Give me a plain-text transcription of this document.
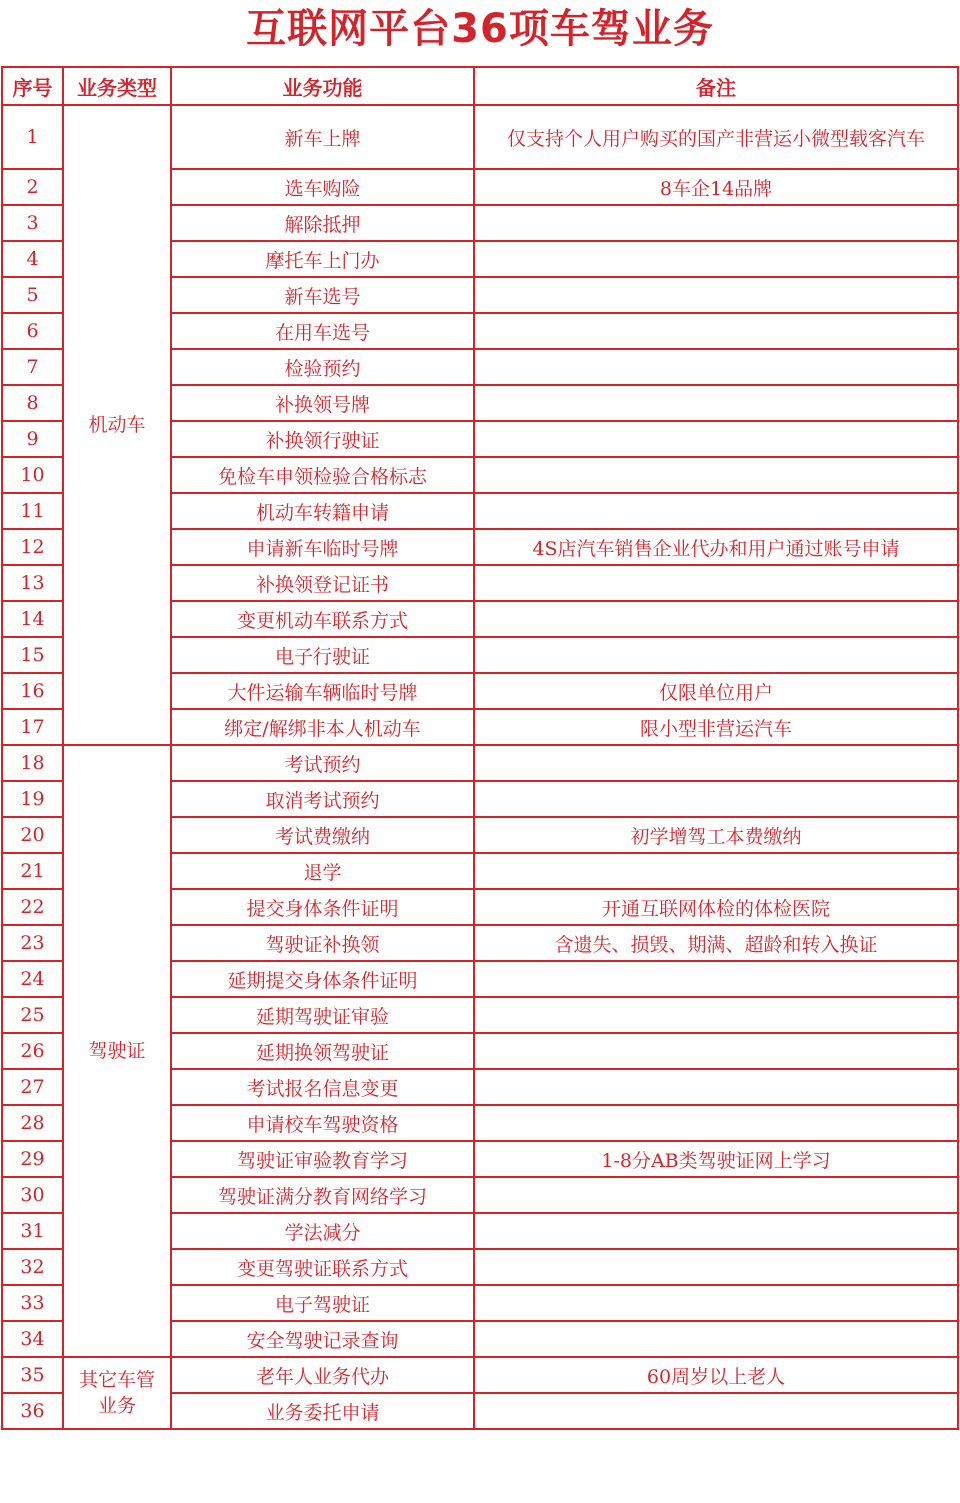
互联网平台36项车驾业务
序号	业务类型	业务功能	备注
1	机动车	新车上牌	仅支持个人用户购买的国产非营运小微型载客汽车
2		选车购险	8车企14品牌
3		解除抵押	
4		摩托车上门办	
5		新车选号	
6		在用车选号	
7		检验预约	
8		补换领号牌	
9		补换领行驶证	
10		免检车申领检验合格标志	
11		机动车转籍申请	
12		申请新车临时号牌	4S店汽车销售企业代办和用户通过账号申请
13		补换领登记证书	
14		变更机动车联系方式	
15		电子行驶证	
16		大件运输车辆临时号牌	仅限单位用户
17		绑定/解绑非本人机动车	限小型非营运汽车
18	驾驶证	考试预约	
19		取消考试预约	
20		考试费缴纳	初学增驾工本费缴纳
21		退学	
22		提交身体条件证明	开通互联网体检的体检医院
23		驾驶证补换领	含遗失、损毁、期满、超龄和转入换证
24		延期提交身体条件证明	
25		延期驾驶证审验	
26		延期换领驾驶证	
27		考试报名信息变更	
28		申请校车驾驶资格	
29		驾驶证审验教育学习	1-8分AB类驾驶证网上学习
30		驾驶证满分教育网络学习	
31		学法减分	
32		变更驾驶证联系方式	
33		电子驾驶证	
34		安全驾驶记录查询	
35	其它车管业务	老年人业务代办	60周岁以上老人
36		业务委托申请	
